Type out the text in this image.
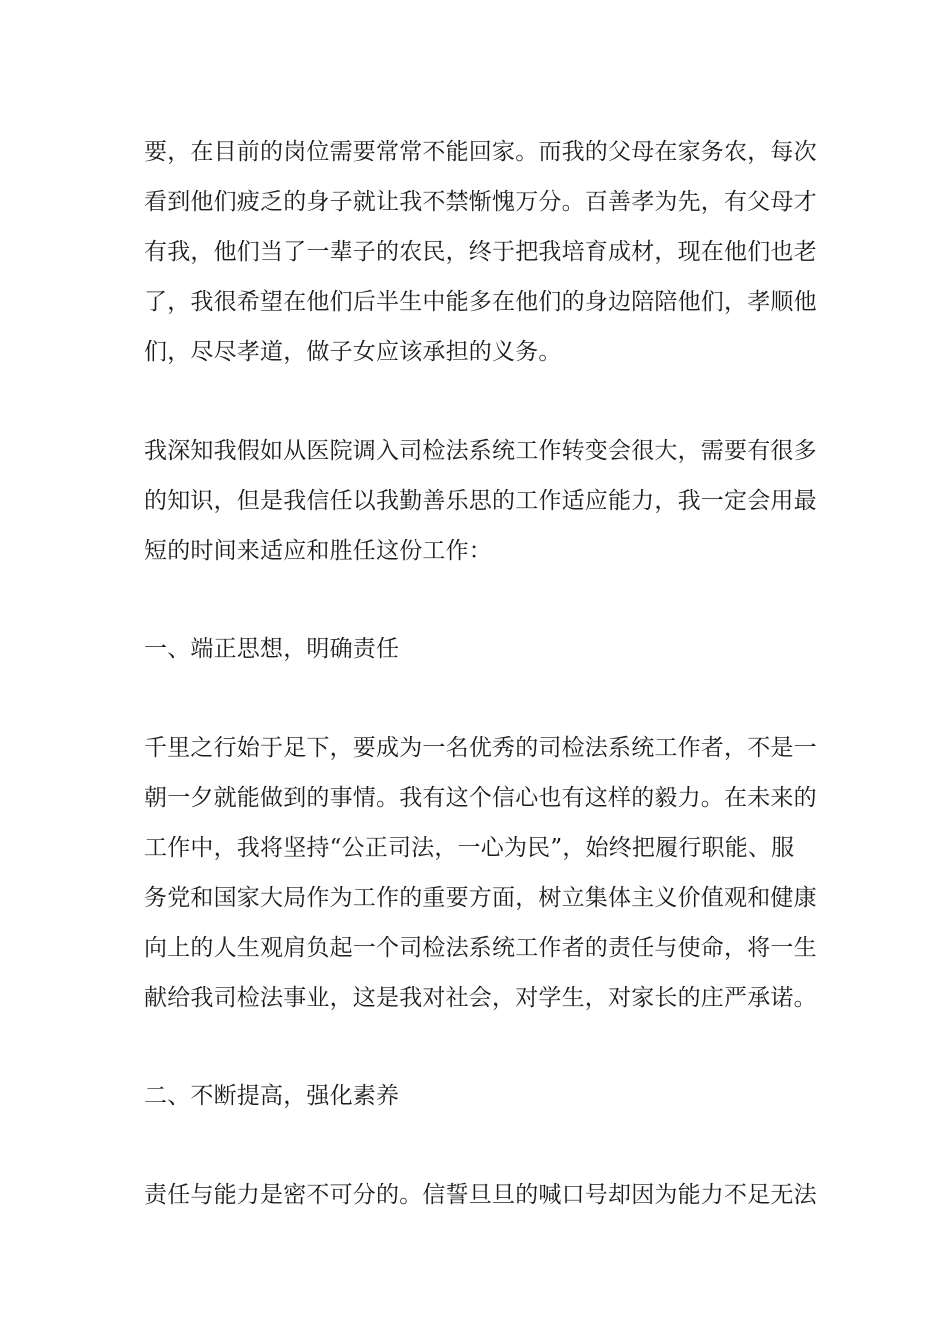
要，在目前的岗位需要常常不能回家。而我的父母在家务农，每次
看到他们疲乏的身子就让我不禁惭愧万分。百善孝为先，有父母才
有我，他们当了一辈子的农民，终于把我培育成材，现在他们也老
了，我很希望在他们后半生中能多在他们的身边陪陪他们，孝顺他
们，尽尽孝道，做子女应该承担的义务。
我深知我假如从医院调入司检法系统工作转变会很大，需要有很多
的知识，但是我信任以我勤善乐思的工作适应能力，我一定会用最
短的时间来适应和胜任这份工作：
一、端正思想，明确责任
千里之行始于足下，要成为一名优秀的司检法系统工作者，不是一
朝一夕就能做到的事情。我有这个信心也有这样的毅力。在未来的
工作中，我将坚持“公正司法，一心为民”，始终把履行职能、服
务党和国家大局作为工作的重要方面，树立集体主义价值观和健康
向上的人生观肩负起一个司检法系统工作者的责任与使命，将一生
献给我司检法事业，这是我对社会，对学生，对家长的庄严承诺。
二、不断提高，强化素养
责任与能力是密不可分的。信誓旦旦的喊口号却因为能力不足无法
